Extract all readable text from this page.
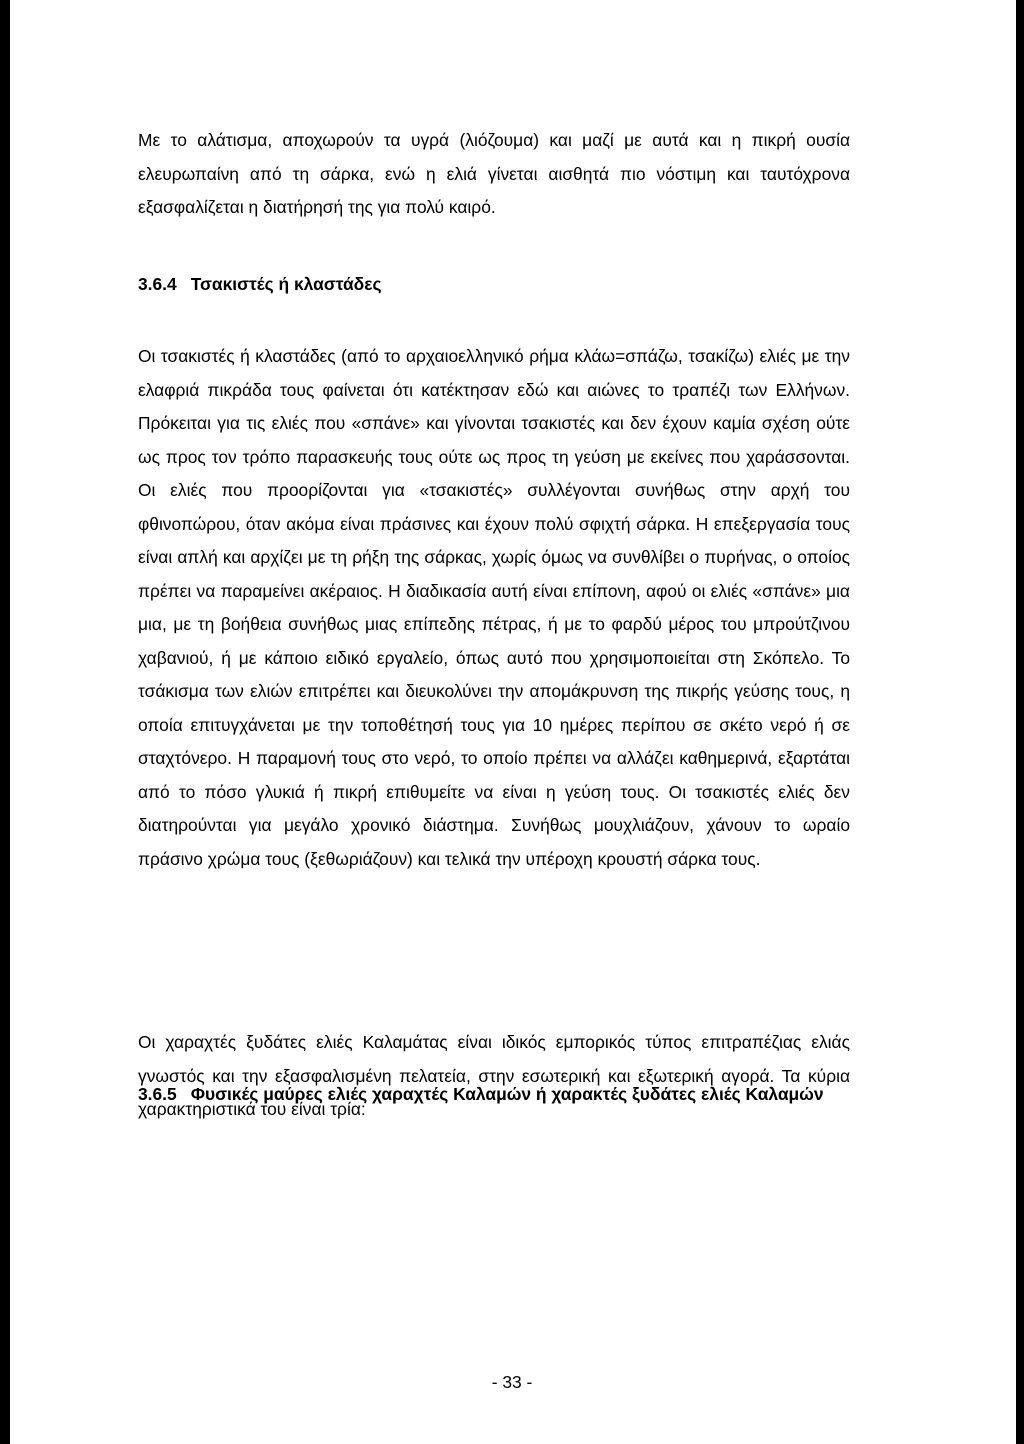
Με το αλάτισμα, αποχωρούν τα υγρά (λιόζουμα) και μαζί με αυτά και η πικρή ουσία ελευρωπαίνη από τη σάρκα, ενώ η ελιά γίνεται αισθητά πιο νόστιμη και ταυτόχρονα εξασφαλίζεται η διατήρησή της για πολύ καιρό.

3.6.4 Τσακιστές ή κλαστάδες

Οι τσακιστές ή κλαστάδες (από το αρχαιοελληνικό ρήμα κλάω=σπάζω, τσακίζω) ελιές με την ελαφριά πικράδα τους φαίνεται ότι κατέκτησαν εδώ και αιώνες το τραπέζι των Ελλήνων. Πρόκειται για τις ελιές που «σπάνε» και γίνονται τσακιστές και δεν έχουν καμία σχέση ούτε ως προς τον τρόπο παρασκευής τους ούτε ως προς τη γεύση με εκείνες που χαράσσονται. Οι ελιές που προορίζονται για «τσακιστές» συλλέγονται συνήθως στην αρχή του φθινοπώρου, όταν ακόμα είναι πράσινες και έχουν πολύ σφιχτή σάρκα. Η επεξεργασία τους είναι απλή και αρχίζει με τη ρήξη της σάρκας, χωρίς όμως να συνθλίβει ο πυρήνας, ο οποίος πρέπει να παραμείνει ακέραιος. Η διαδικασία αυτή είναι επίπονη, αφού οι ελιές «σπάνε» μια μια, με τη βοήθεια συνήθως μιας επίπεδης πέτρας, ή με το φαρδύ μέρος του μπρούτζινου χαβανιού, ή με κάποιο ειδικό εργαλείο, όπως αυτό που χρησιμοποιείται στη Σκόπελο. Το τσάκισμα των ελιών επιτρέπει και διευκολύνει την απομάκρυνση της πικρής γεύσης τους, η οποία επιτυγχάνεται με την τοποθέτησή τους για 10 ημέρες περίπου σε σκέτο νερό ή σε σταχτόνερο. Η παραμονή τους στο νερό, το οποίο πρέπει να αλλάζει καθημερινά, εξαρτάται από το πόσο γλυκιά ή πικρή επιθυμείτε να είναι η γεύση τους. Οι τσακιστές ελιές δεν διατηρούνται για μεγάλο χρονικό διάστημα. Συνήθως μουχλιάζουν, χάνουν το ωραίο πράσινο χρώμα τους (ξεθωριάζουν) και τελικά την υπέροχη κρουστή σάρκα τους.

3.6.5 Φυσικές μαύρες ελιές χαραχτές Καλαμών ή χαρακτές ξυδάτες ελιές Καλαμών

Οι χαραχτές ξυδάτες ελιές Καλαμάτας είναι ιδικός εμπορικός τύπος επιτραπέζιας ελιάς γνωστός και την εξασφαλισμένη πελατεία, στην εσωτερική και εξωτερική αγορά. Τα κύρια χαρακτηριστικά του είναι τρία:

- 33 -
